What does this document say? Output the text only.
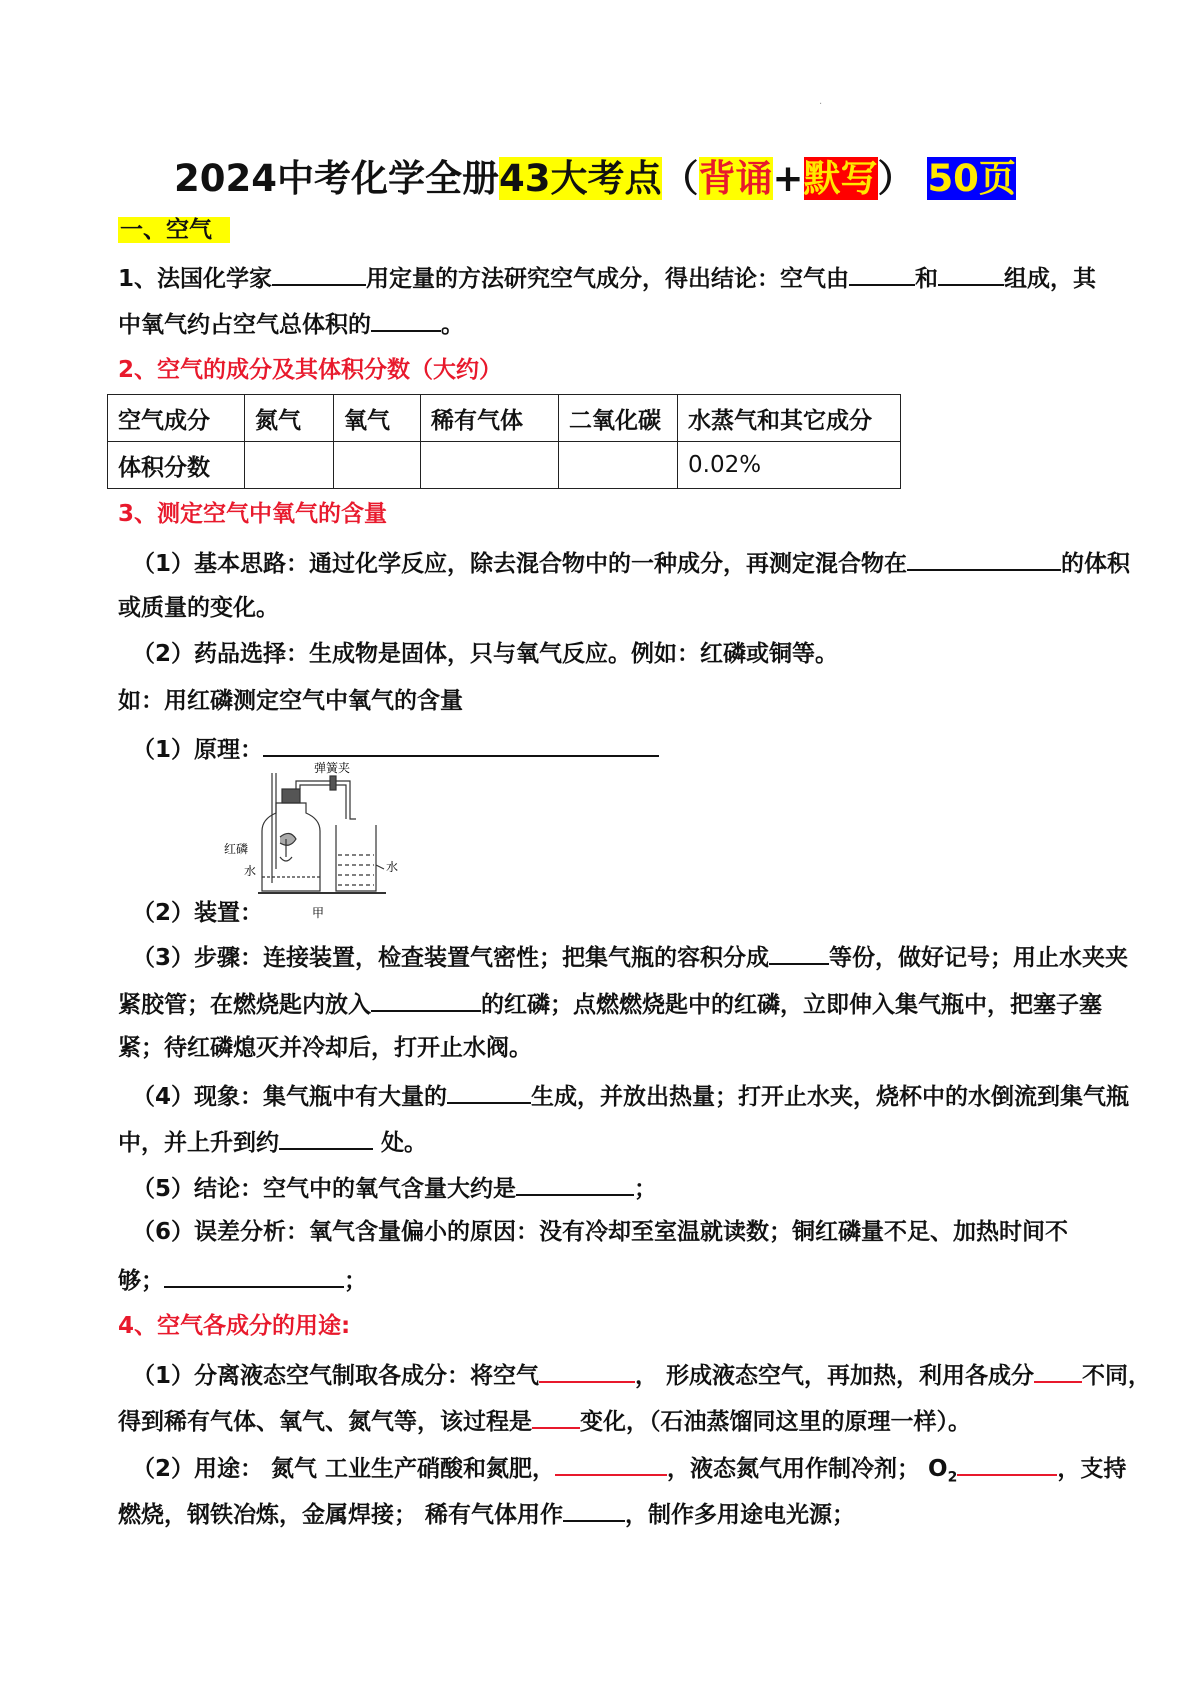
·
2024中考化学全册43大考点（背诵+默写） 50页
一、空气
1、法国化学家	用定量的方法研究空气成分，得出结论：空气由	和	组成，其
中氧气约占空气总体积的	。
2、空气的成分及其体积分数（大约）
空气成分	氮气	氧气	稀有气体	二氧化碳	水蒸气和其它成分
体积分数					0.02%
3、测定空气中氧气的含量
（1）基本思路：通过化学反应，除去混合物中的一种成分，再测定混合物在	的体积
或质量的变化。
（2）药品选择：生成物是固体，只与氧气反应。例如：红磷或铜等。
如：用红磷测定空气中氧气的含量
（1）原理：
弹簧夹
红磷
水	水
甲
（2）装置：
（3）步骤：连接装置，检查装置气密性；把集气瓶的容积分成	等份，做好记号；用止水夹夹
紧胶管；在燃烧匙内放入	的红磷；点燃燃烧匙中的红磷，立即伸入集气瓶中，把塞子塞
紧；待红磷熄灭并冷却后，打开止水阀。
（4）现象：集气瓶中有大量的	生成，并放出热量；打开止水夹，烧杯中的水倒流到集气瓶
中，并上升到约	处。
（5）结论：空气中的氧气含量大约是	；
（6）误差分析：氧气含量偏小的原因：没有冷却至室温就读数；铜红磷量不足、加热时间不
够；	；
4、空气各成分的用途:
（1）分离液态空气制取各成分：将空气	， 形成液态空气，再加热，利用各成分 不同，
得到稀有气体、氧气、氮气等，该过程是 变化，（石油蒸馏同这里的原理一样）。
（2）用途： 氮气 工业生产硝酸和氮肥，	，液态氮气用作制冷剂； $O_2$	，支持
燃烧，钢铁冶炼，金属焊接； 稀有气体用作	，制作多用途电光源；
